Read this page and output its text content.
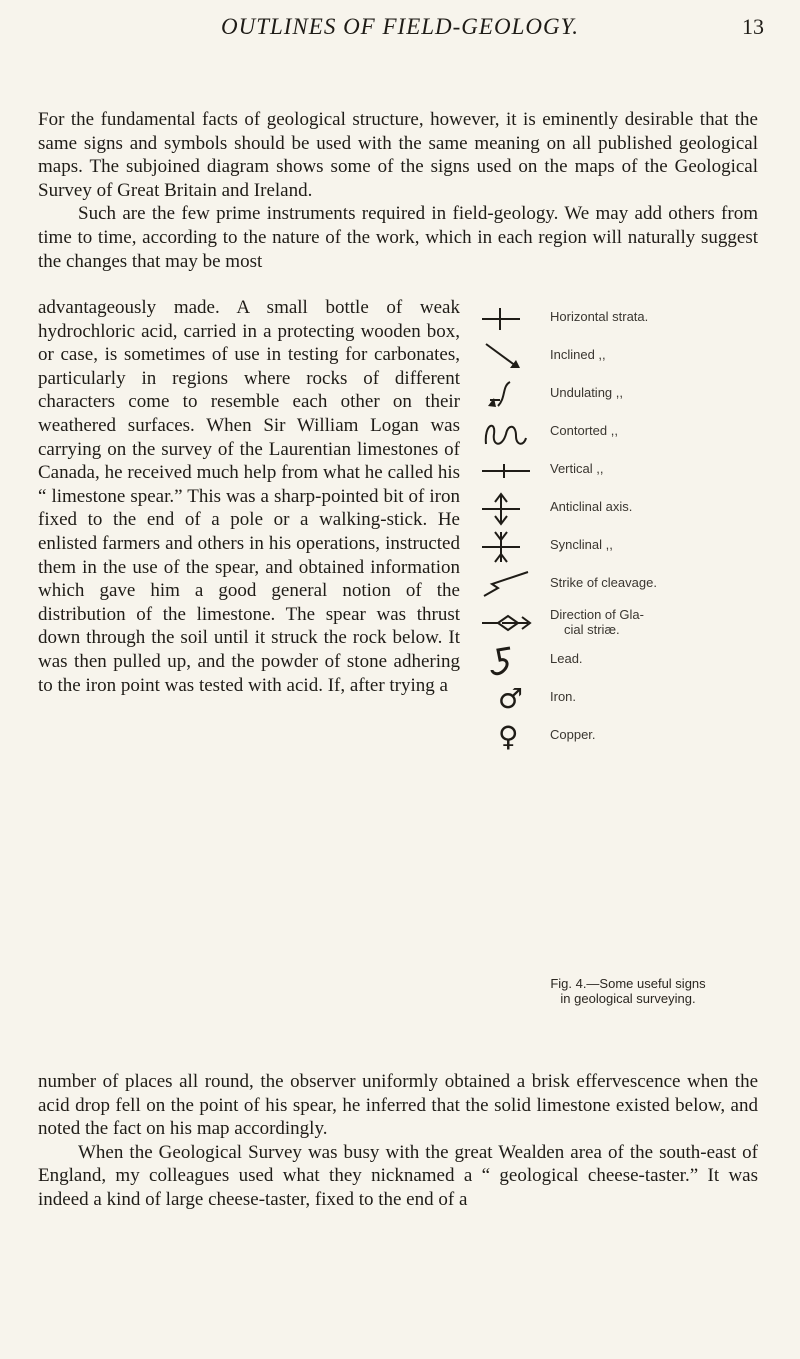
OUTLINES OF FIELD-GEOLOGY.	13

For the fundamental facts of geological structure, however, it is eminently desirable that the same signs and symbols should be used with the same meaning on all published geological maps. The subjoined diagram shows some of the signs used on the maps of the Geological Survey of Great Britain and Ireland.

Such are the few prime instruments required in field-geology. We may add others from time to time, according to the nature of the work, which in each region will naturally suggest the changes that may be most

advantageously made. A small bottle of weak hydrochloric acid, carried in a protecting wooden box, or case, is sometimes of use in testing for carbonates, particularly in regions where rocks of different characters come to resemble each other on their weathered surfaces. When Sir William Logan was carrying on the survey of the Laurentian limestones of Canada, he received much help from what he called his “ limestone spear.” This was a sharp-pointed bit of iron fixed to the end of a pole or a walking-stick. He enlisted farmers and others in his operations, instructed them in the use of the spear, and obtained information which gave him a good general notion of the distribution of the limestone. The spear was thrust down through the soil until it struck the rock below. It was then pulled up, and the powder of stone adhering to the iron point was tested with acid. If, after trying a

Horizontal strata.
Inclined ,,
Undulating ,,
Contorted ,,
Vertical ,,
Anticlinal axis.
Synclinal ,,
Strike of cleavage.
Direction of Gla-
cial striæ.
Lead.
♂ Iron.
♀ Copper.
Fig. 4.—Some useful signs
in geological surveying.

number of places all round, the observer uniformly obtained a brisk effervescence when the acid drop fell on the point of his spear, he inferred that the solid limestone existed below, and noted the fact on his map accordingly.

When the Geological Survey was busy with the great Wealden area of the south-east of England, my colleagues used what they nicknamed a “ geological cheese-taster.” It was indeed a kind of large cheese-taster, fixed to the end of a
